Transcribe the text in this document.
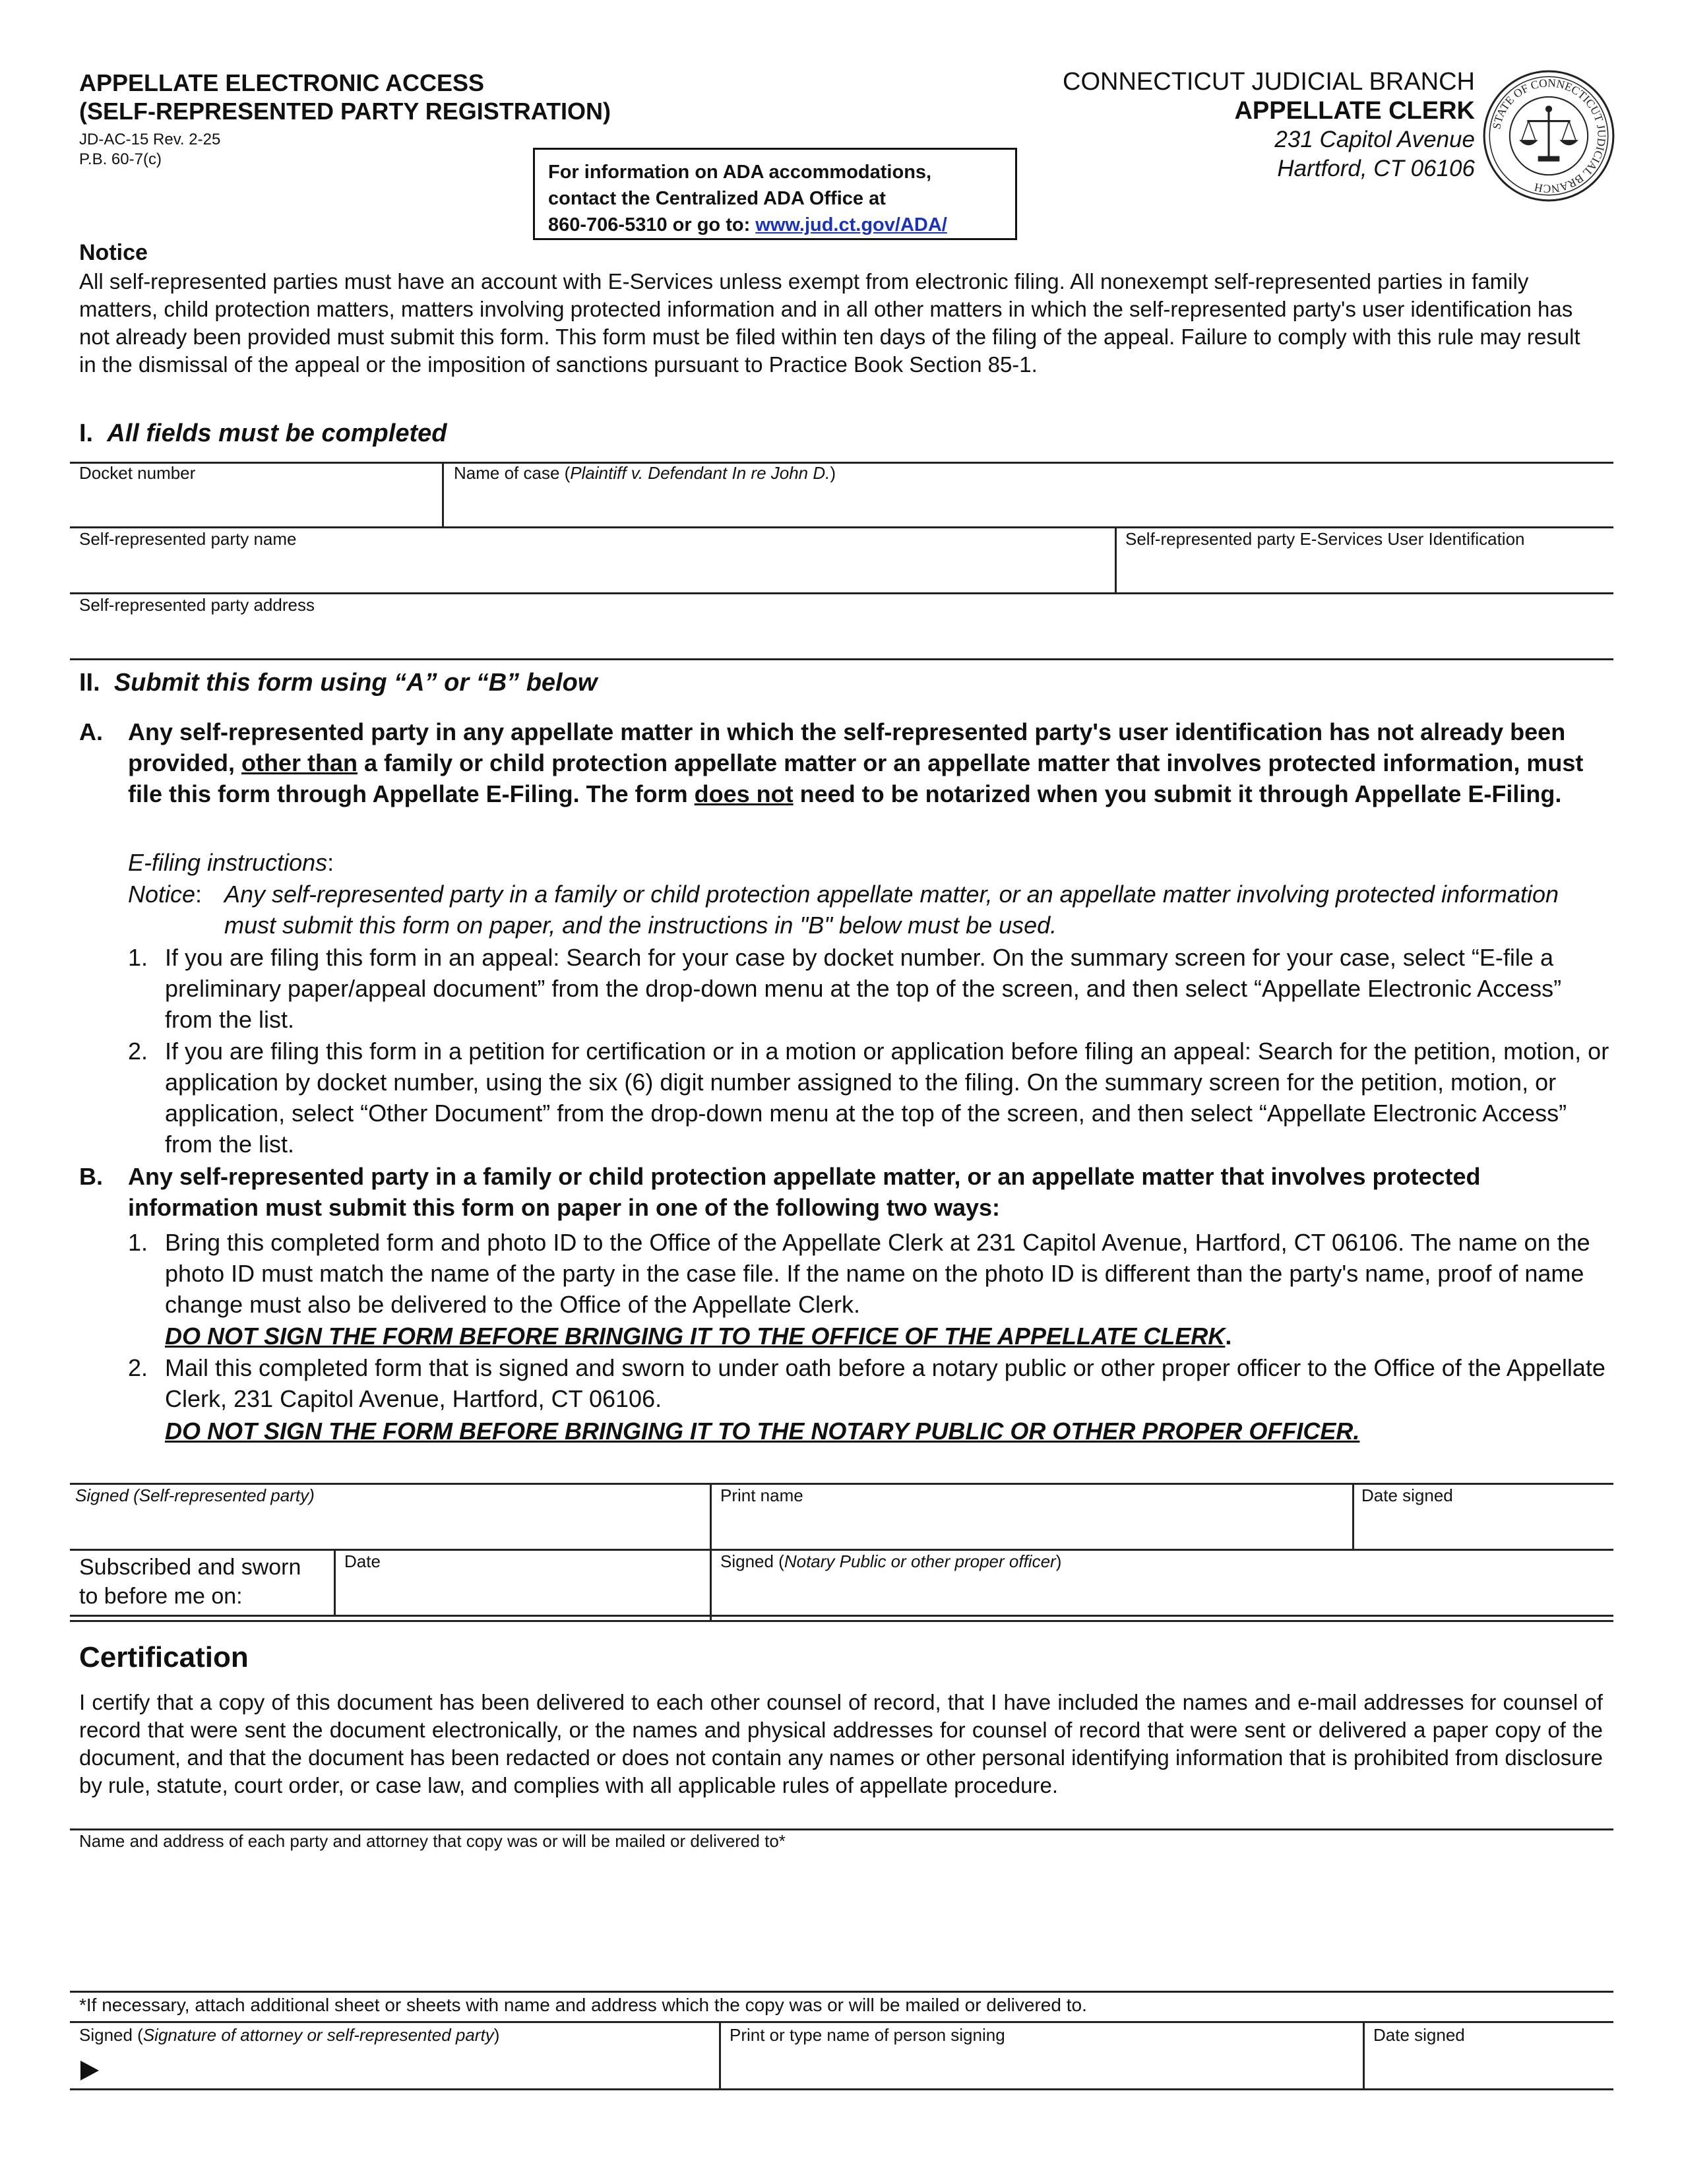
APPELLATE ELECTRONIC ACCESS
(SELF-REPRESENTED PARTY REGISTRATION)
JD-AC-15 Rev. 2-25
P.B. 60-7(c)
For information on ADA accommodations,
contact the Centralized ADA Office at
860-706-5310 or go to: www.jud.ct.gov/ADA/
CONNECTICUT JUDICIAL BRANCH
APPELLATE CLERK
231 Capitol Avenue
Hartford, CT 06106
STATE OF CONNECTICUT JUDICIAL BRANCH
Notice
All self-represented parties must have an account with E-Services unless exempt from electronic filing. All nonexempt self-represented parties in family matters, child protection matters, matters involving protected information and in all other matters in which the self-represented party's user identification has not already been provided must submit this form. This form must be filed within ten days of the filing of the appeal. Failure to comply with this rule may result in the dismissal of the appeal or the imposition of sanctions pursuant to Practice Book Section 85-1.
I. All fields must be completed
Docket number	Name of case (Plaintiff v. Defendant In re John D.)
Self-represented party name	Self-represented party E-Services User Identification
Self-represented party address
II. Submit this form using “A” or “B” below
A. Any self-represented party in any appellate matter in which the self-represented party's user identification has not already been provided, other than a family or child protection appellate matter or an appellate matter that involves protected information, must file this form through Appellate E-Filing. The form does not need to be notarized when you submit it through Appellate E-Filing.
E-filing instructions:
Notice: Any self-represented party in a family or child protection appellate matter, or an appellate matter involving protected information must submit this form on paper, and the instructions in "B" below must be used.
1. If you are filing this form in an appeal: Search for your case by docket number. On the summary screen for your case, select “E-file a preliminary paper/appeal document” from the drop-down menu at the top of the screen, and then select “Appellate Electronic Access” from the list.
2. If you are filing this form in a petition for certification or in a motion or application before filing an appeal: Search for the petition, motion, or application by docket number, using the six (6) digit number assigned to the filing. On the summary screen for the petition, motion, or application, select “Other Document” from the drop-down menu at the top of the screen, and then select “Appellate Electronic Access” from the list.
B. Any self-represented party in a family or child protection appellate matter, or an appellate matter that involves protected information must submit this form on paper in one of the following two ways:
1. Bring this completed form and photo ID to the Office of the Appellate Clerk at 231 Capitol Avenue, Hartford, CT 06106. The name on the photo ID must match the name of the party in the case file. If the name on the photo ID is different than the party's name, proof of name change must also be delivered to the Office of the Appellate Clerk.
DO NOT SIGN THE FORM BEFORE BRINGING IT TO THE OFFICE OF THE APPELLATE CLERK.
2. Mail this completed form that is signed and sworn to under oath before a notary public or other proper officer to the Office of the Appellate Clerk, 231 Capitol Avenue, Hartford, CT 06106.
DO NOT SIGN THE FORM BEFORE BRINGING IT TO THE NOTARY PUBLIC OR OTHER PROPER OFFICER.
Signed (Self-represented party)	Print name	Date signed
Subscribed and sworn
to before me on:
Date	Signed (Notary Public or other proper officer)
Certification
I certify that a copy of this document has been delivered to each other counsel of record, that I have included the names and e-mail addresses for counsel of record that were sent the document electronically, or the names and physical addresses for counsel of record that were sent or delivered a paper copy of the document, and that the document has been redacted or does not contain any names or other personal identifying information that is prohibited from disclosure by rule, statute, court order, or case law, and complies with all applicable rules of appellate procedure.
Name and address of each party and attorney that copy was or will be mailed or delivered to*
*If necessary, attach additional sheet or sheets with name and address which the copy was or will be mailed or delivered to.
Signed (Signature of attorney or self-represented party)	Print or type name of person signing	Date signed
